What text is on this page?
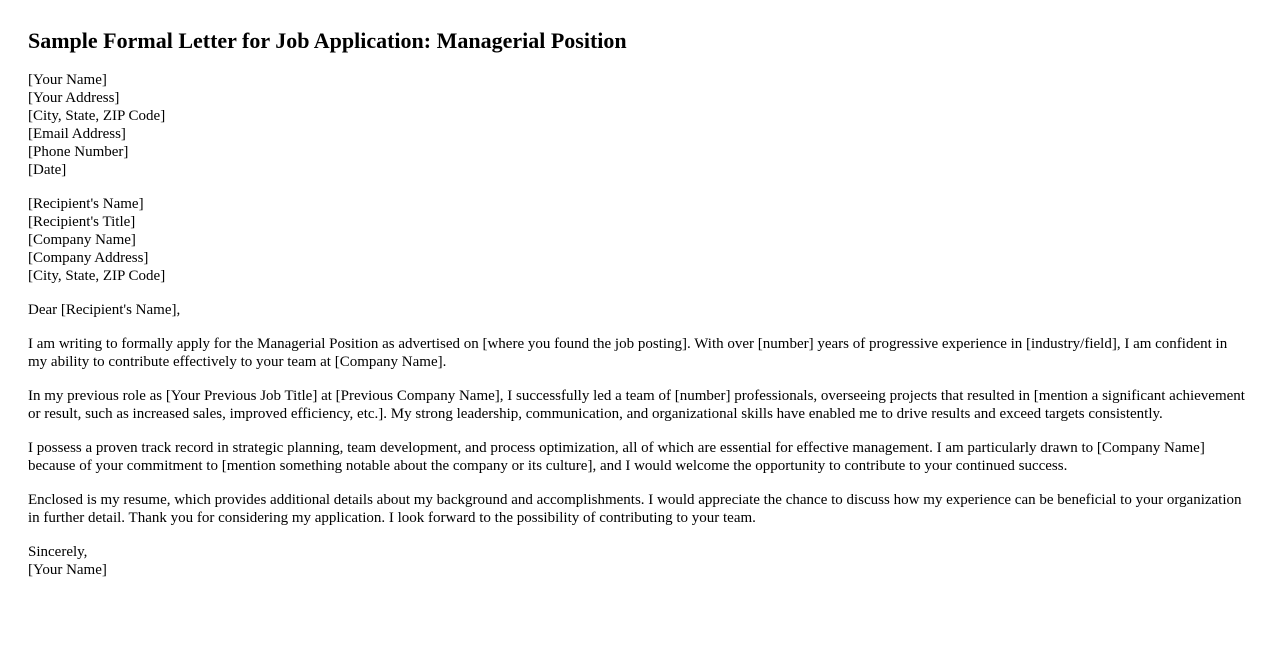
Sample Formal Letter for Job Application: Managerial Position
[Your Name]
[Your Address]
[City, State, ZIP Code]
[Email Address]
[Phone Number]
[Date]
[Recipient's Name]
[Recipient's Title]
[Company Name]
[Company Address]
[City, State, ZIP Code]

Dear [Recipient's Name],

I am writing to formally apply for the Managerial Position as advertised on [where you found the job posting]. With over [number] years of progressive experience in [industry/field], I am confident in my ability to contribute effectively to your team at [Company Name].

In my previous role as [Your Previous Job Title] at [Previous Company Name], I successfully led a team of [number] professionals, overseeing projects that resulted in [mention a significant achievement or result, such as increased sales, improved efficiency, etc.]. My strong leadership, communication, and organizational skills have enabled me to drive results and exceed targets consistently.

I possess a proven track record in strategic planning, team development, and process optimization, all of which are essential for effective management. I am particularly drawn to [Company Name] because of your commitment to [mention something notable about the company or its culture], and I would welcome the opportunity to contribute to your continued success.

Enclosed is my resume, which provides additional details about my background and accomplishments. I would appreciate the chance to discuss how my experience can be beneficial to your organization in further detail. Thank you for considering my application. I look forward to the possibility of contributing to your team.

Sincerely,
[Your Name]
